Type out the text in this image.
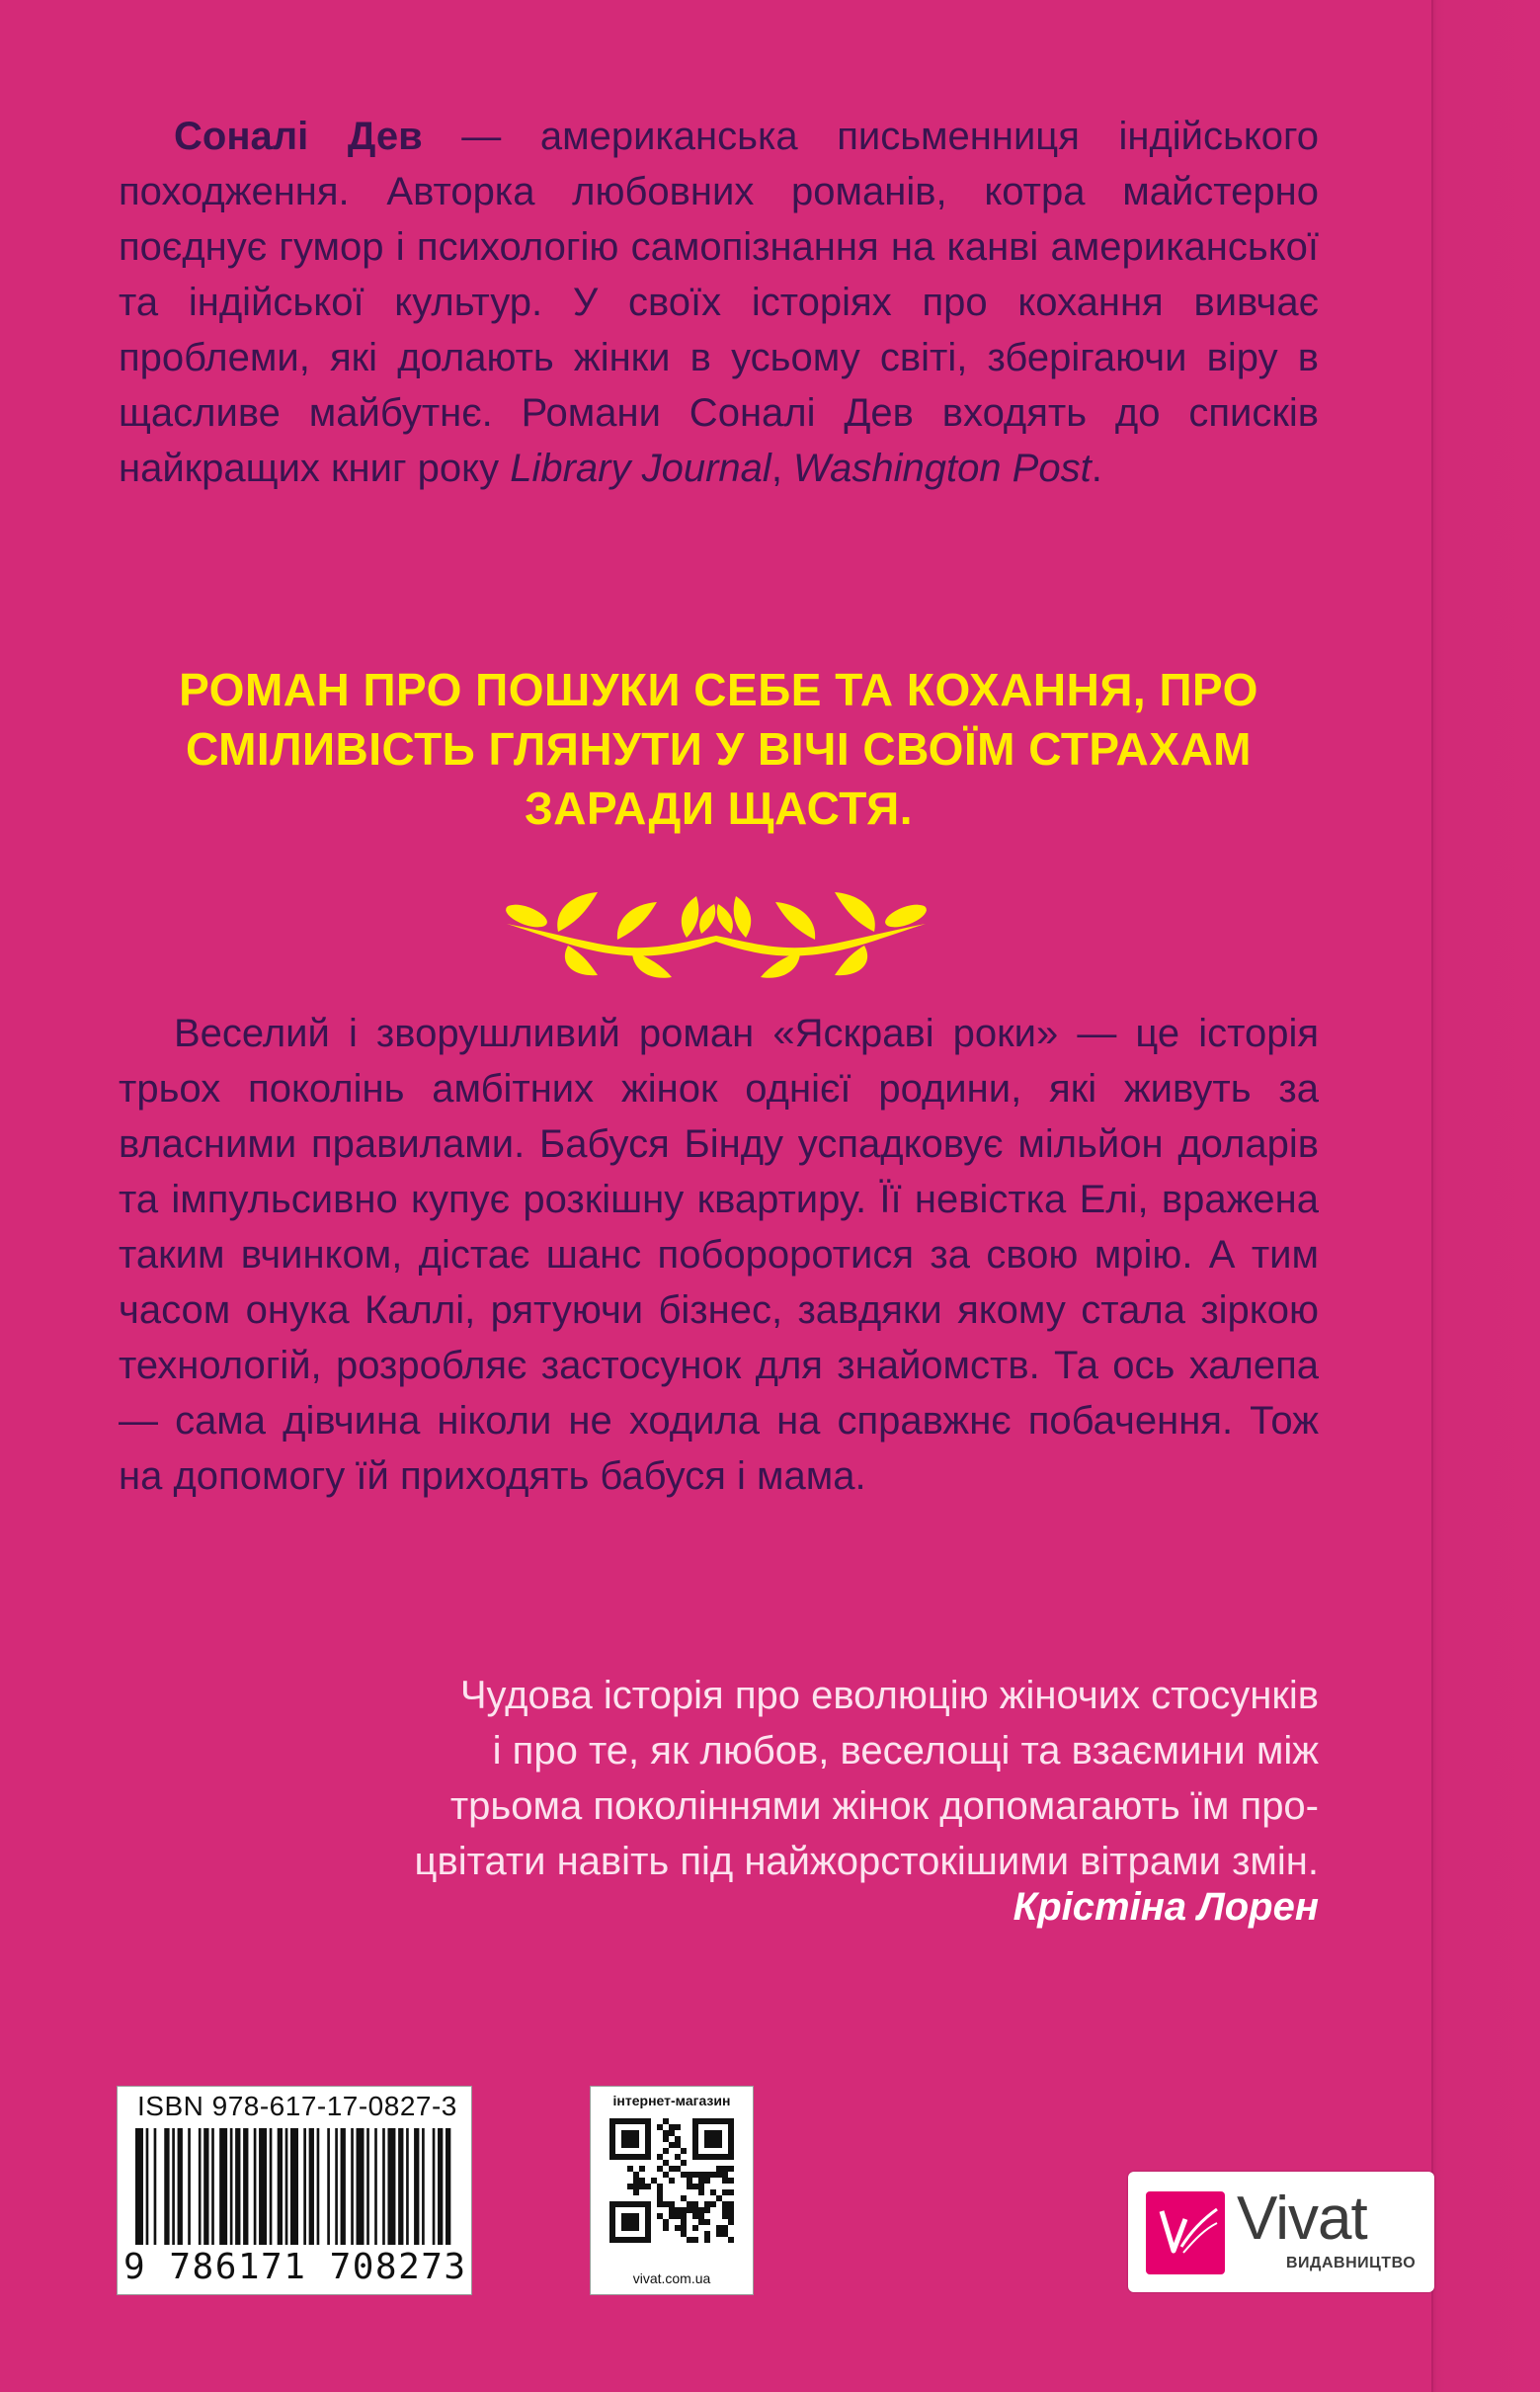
Сонaлі Дев — американська письменниця індійського походження. Авторка любовних романів, котра майстерно поєднує гумор і психологію самопізнання на канві американської та індійської культур. У своїх історіях про кохання вивчає проблеми, які долають жінки в усьому світі, зберігаючи віру в щасливе майбутнє. Романи Сонaлі Дев входять до списків найкращих книг року Library Journal, Washington Post.
РОМАН ПРО ПОШУКИ СЕБЕ ТА КОХАННЯ, ПРО
СМІЛИВІСТЬ ГЛЯНУТИ У ВІЧІ СВОЇМ СТРАХАМ
ЗАРАДИ ЩАСТЯ.
Веселий і зворушливий роман «Яскраві роки» — це історія трьох поколінь амбітних жінок однієї родини, які живуть за власними правилами. Бабуся Бінду успадковує мільйон доларів та імпульсивно купує розкішну квартиру. Її невістка Елі, вражена таким вчинком, дістає шанс побороротися за свою мрію. А тим часом онука Каллі, рятуючи бізнес, завдяки якому стала зіркою технологій, розробляє застосунок для знайомств. Та ось халепа — сама дівчина ніколи не ходила на справжнє побачення. Тож на допомогу їй приходять бабуся і мама.
Чудова історія про еволюцію жіночих стосунків
і про те, як любов, веселощі та взаємини між
трьома поколіннями жінок допомагають їм про-
цвітати навіть під найжорстокішими вітрами змін.
Крістіна Лорен
ISBN 978-617-17-0827-3
9 786171 708273
інтернет-магазин
vivat.com.ua
Vivat
ВИДАВНИЦТВО
